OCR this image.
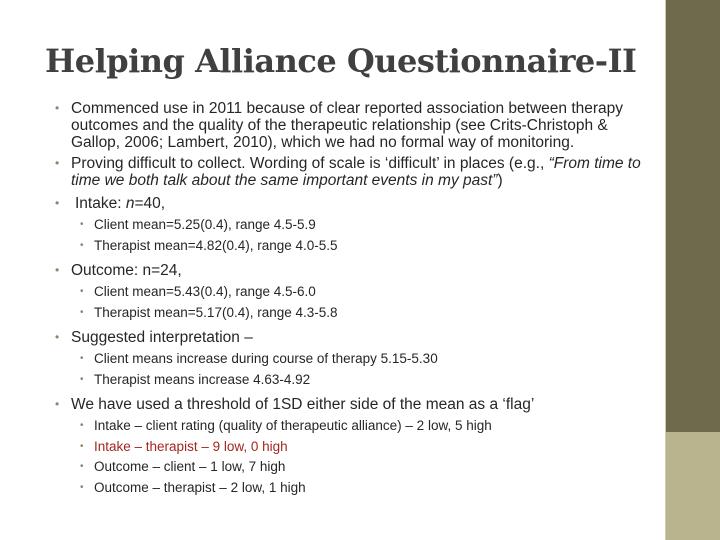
Helping Alliance Questionnaire-II
• Commenced use in 2011 because of clear reported association between therapy outcomes and the quality of the therapeutic relationship (see Crits-Christoph & Gallop, 2006; Lambert, 2010), which we had no formal way of monitoring.
• Proving difficult to collect. Wording of scale is ‘difficult’ in places (e.g., “From time to time we both talk about the same important events in my past”)
• Intake: n=40,
• Client mean=5.25(0.4), range 4.5-5.9
• Therapist mean=4.82(0.4), range 4.0-5.5
• Outcome: n=24,
• Client mean=5.43(0.4), range 4.5-6.0
• Therapist mean=5.17(0.4), range 4.3-5.8
• Suggested interpretation –
• Client means increase during course of therapy 5.15-5.30
• Therapist means increase 4.63-4.92
• We have used a threshold of 1SD either side of the mean as a ‘flag’
• Intake – client rating (quality of therapeutic alliance) – 2 low, 5 high
• Intake – therapist – 9 low, 0 high
• Outcome – client – 1 low, 7 high
• Outcome – therapist – 2 low, 1 high
